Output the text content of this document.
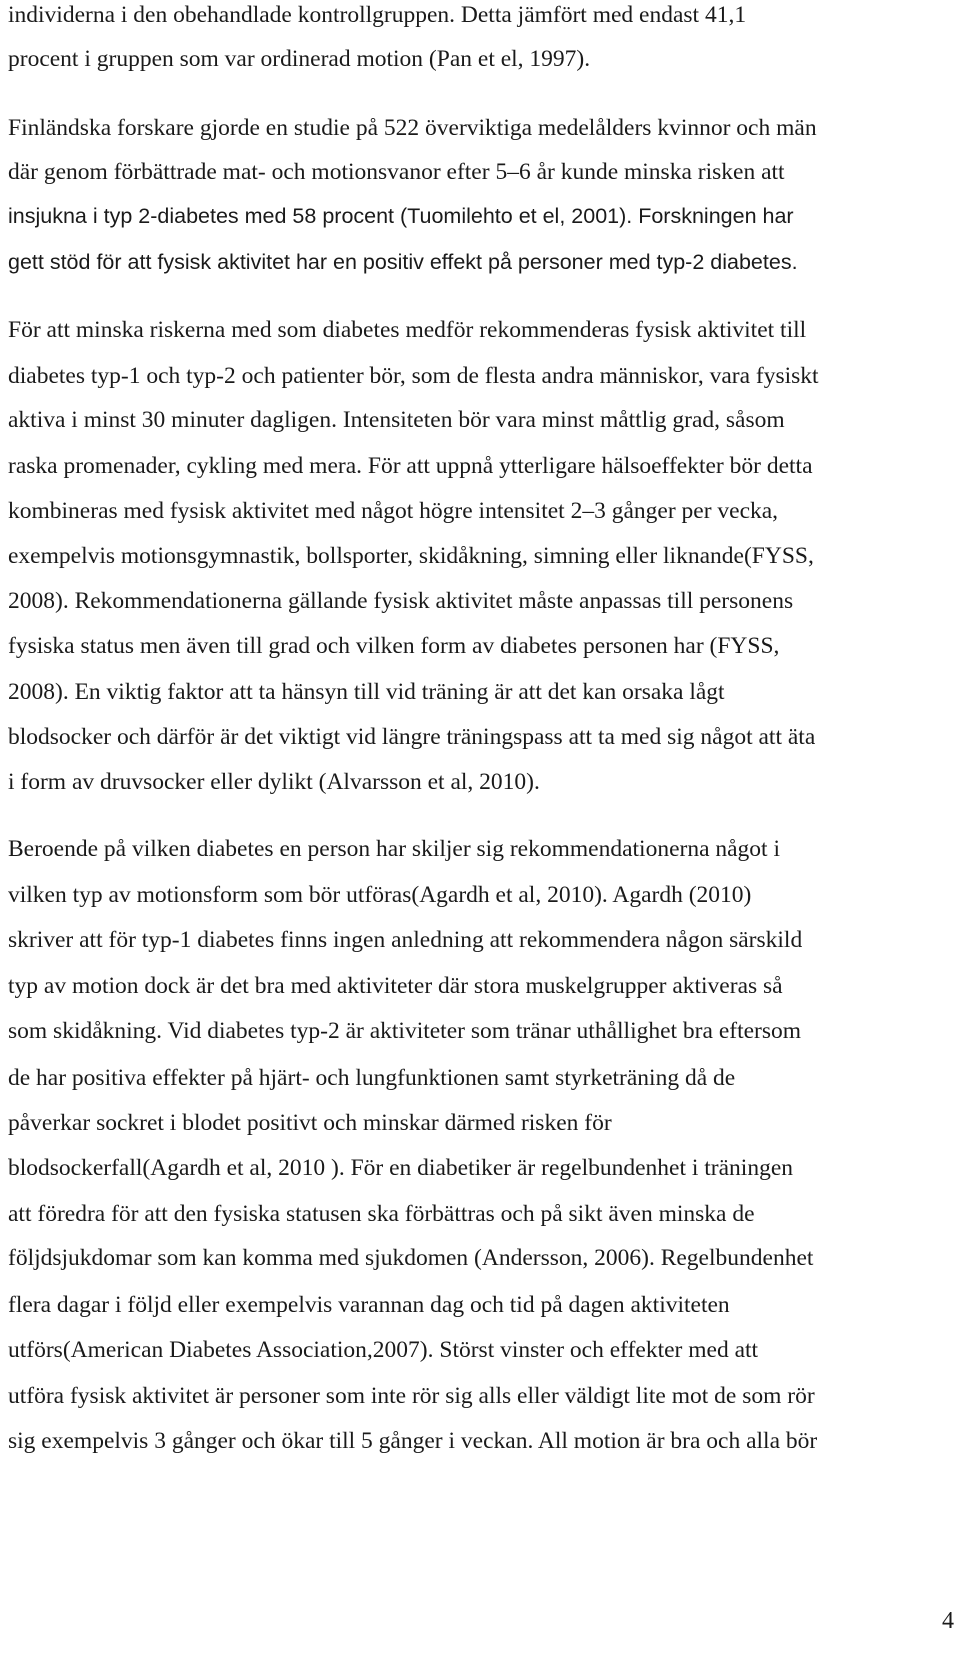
individerna i den obehandlade kontrollgruppen. Detta jämfört med endast 41,1
procent i gruppen som var ordinerad motion (Pan et el, 1997).
Finländska forskare gjorde en studie på 522 överviktiga medelålders kvinnor och män
där genom förbättrade mat- och motionsvanor efter 5–6 år kunde minska risken att
insjukna i typ 2-diabetes med 58 procent (Tuomilehto et el, 2001). Forskningen har
gett stöd för att fysisk aktivitet har en positiv effekt på personer med typ-2 diabetes.
För att minska riskerna med som diabetes medför rekommenderas fysisk aktivitet till
diabetes typ-1 och typ-2 och patienter bör, som de flesta andra människor, vara fysiskt
aktiva i minst 30 minuter dagligen. Intensiteten bör vara minst måttlig grad, såsom
raska promenader, cykling med mera. För att uppnå ytterligare hälsoeffekter bör detta
kombineras med fysisk aktivitet med något högre intensitet 2–3 gånger per vecka,
exempelvis motionsgymnastik, bollsporter, skidåkning, simning eller liknande(FYSS,
2008). Rekommendationerna gällande fysisk aktivitet måste anpassas till personens
fysiska status men även till grad och vilken form av diabetes personen har (FYSS,
2008). En viktig faktor att ta hänsyn till vid träning är att det kan orsaka lågt
blodsocker och därför är det viktigt vid längre träningspass att ta med sig något att äta
i form av druvsocker eller dylikt (Alvarsson et al, 2010).
Beroende på vilken diabetes en person har skiljer sig rekommendationerna något i
vilken typ av motionsform som bör utföras(Agardh et al, 2010). Agardh (2010)
skriver att för typ-1 diabetes finns ingen anledning att rekommendera någon särskild
typ av motion dock är det bra med aktiviteter där stora muskelgrupper aktiveras så
som skidåkning. Vid diabetes typ-2 är aktiviteter som tränar uthållighet bra eftersom
de har positiva effekter på hjärt- och lungfunktionen samt styrketräning då de
påverkar sockret i blodet positivt och minskar därmed risken för
blodsockerfall(Agardh et al, 2010 ). För en diabetiker är regelbundenhet i träningen
att föredra för att den fysiska statusen ska förbättras och på sikt även minska de
följdsjukdomar som kan komma med sjukdomen (Andersson, 2006). Regelbundenhet
flera dagar i följd eller exempelvis varannan dag och tid på dagen aktiviteten
utförs(American Diabetes Association,2007). Störst vinster och effekter med att
utföra fysisk aktivitet är personer som inte rör sig alls eller väldigt lite mot de som rör
sig exempelvis 3 gånger och ökar till 5 gånger i veckan. All motion är bra och alla bör
4
